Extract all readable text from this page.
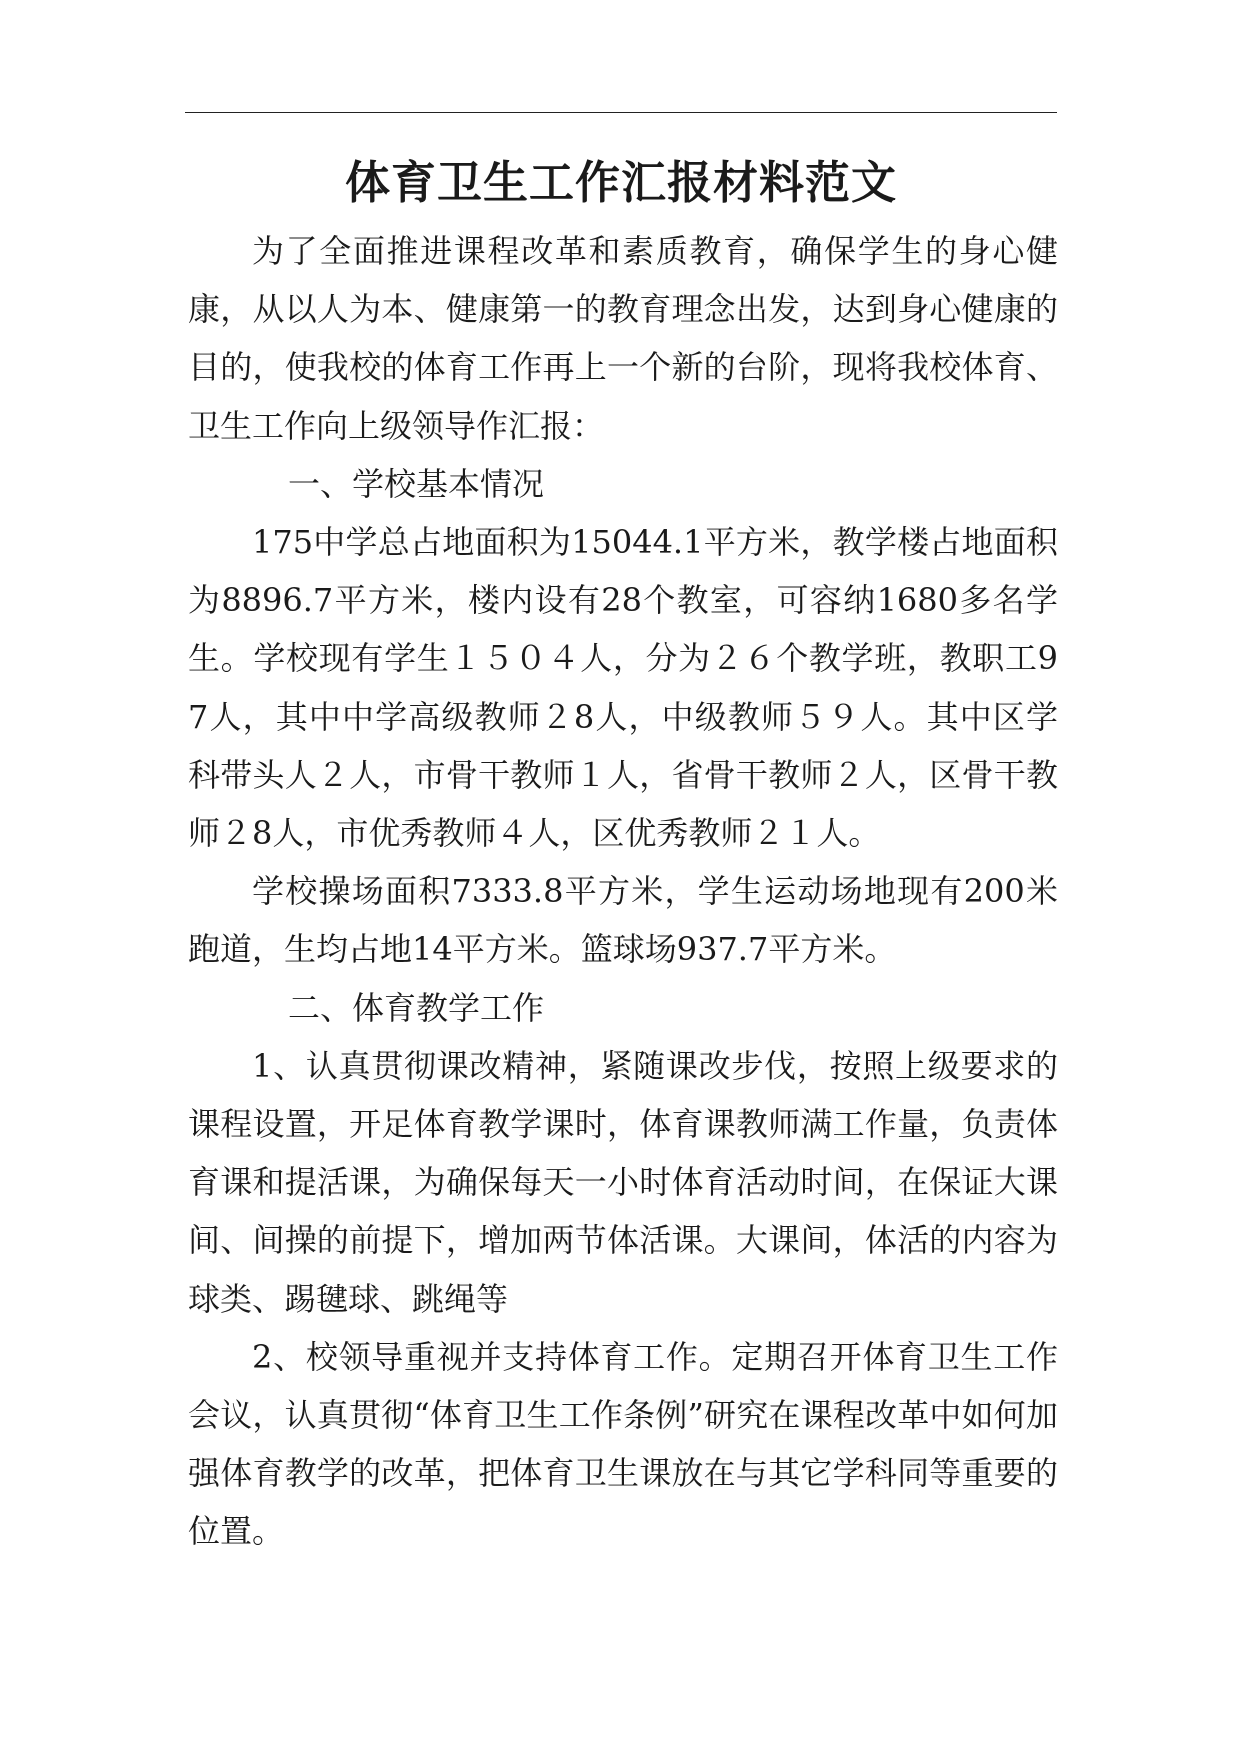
体育卫生工作汇报材料范文

为了全面推进课程改革和素质教育，确保学生的身心健康，从以人为本、健康第一的教育理念出发，达到身心健康的目的，使我校的体育工作再上一个新的台阶，现将我校体育、卫生工作向上级领导作汇报：

一、学校基本情况

175中学总占地面积为15044.1平方米，教学楼占地面积为8896.7平方米，楼内设有28个教室，可容纳1680多名学生。学校现有学生１５０４人，分为２６个教学班，教职工97人，其中中学高级教师２8人，中级教师５９人。其中区学科带头人２人，市骨干教师１人，省骨干教师２人，区骨干教师２8人，市优秀教师４人，区优秀教师２１人。

学校操场面积7333.8平方米，学生运动场地现有200米跑道，生均占地14平方米。篮球场937.7平方米。

二、体育教学工作

1、认真贯彻课改精神，紧随课改步伐，按照上级要求的课程设置，开足体育教学课时，体育课教师满工作量，负责体育课和提活课，为确保每天一小时体育活动时间，在保证大课间、间操的前提下，增加两节体活课。大课间，体活的内容为球类、踢毽球、跳绳等

2、校领导重视并支持体育工作。定期召开体育卫生工作会议，认真贯彻“体育卫生工作条例”研究在课程改革中如何加强体育教学的改革，把体育卫生课放在与其它学科同等重要的位置。
